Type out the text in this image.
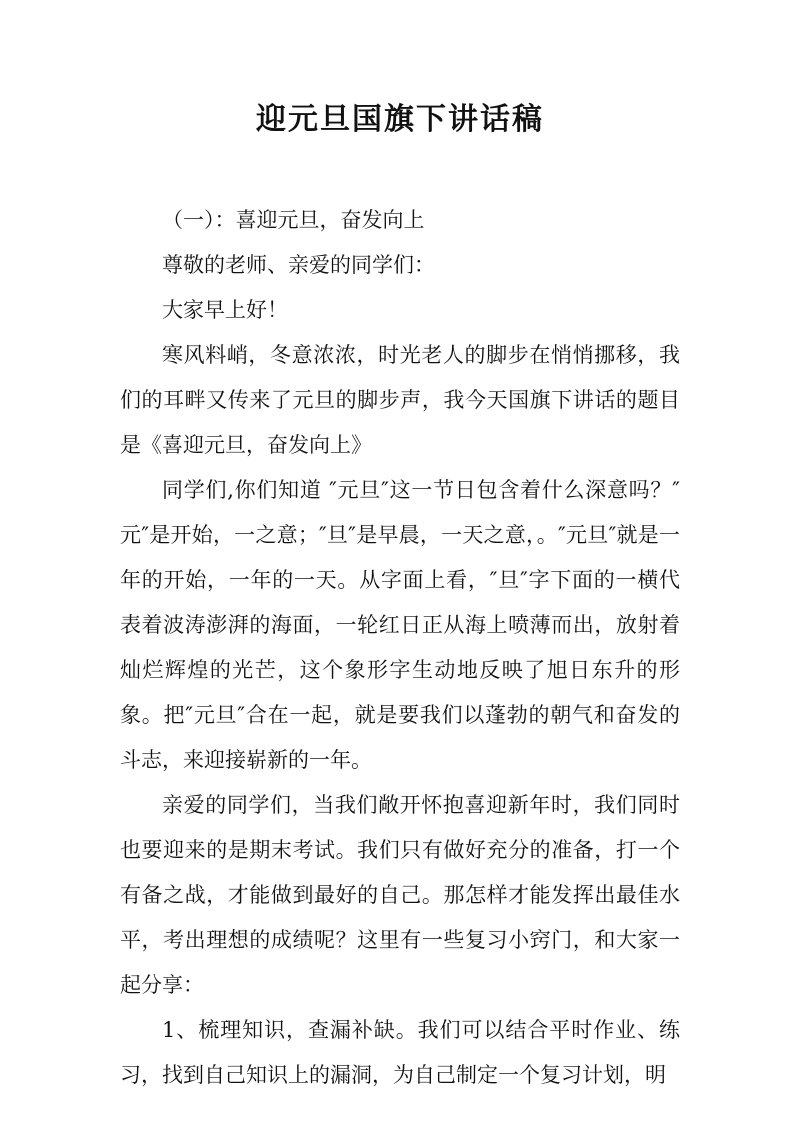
迎元旦国旗下讲话稿

（一）：喜迎元旦，奋发向上

尊敬的老师、亲爱的同学们：

大家早上好！

寒风料峭，冬意浓浓，时光老人的脚步在悄悄挪移，我们的耳畔又传来了元旦的脚步声，我今天国旗下讲话的题目是《喜迎元旦，奋发向上》

同学们,你们知道 ″元旦″这一节日包含着什么深意吗？″元″是开始，一之意；″旦″是早晨，一天之意，。″元旦″就是一年的开始，一年的一天。从字面上看，″旦″字下面的一横代表着波涛澎湃的海面，一轮红日正从海上喷薄而出，放射着灿烂辉煌的光芒，这个象形字生动地反映了旭日东升的形象。把″元旦″合在一起，就是要我们以蓬勃的朝气和奋发的斗志，来迎接崭新的一年。

亲爱的同学们，当我们敞开怀抱喜迎新年时，我们同时也要迎来的是期末考试。我们只有做好充分的准备，打一个有备之战，才能做到最好的自己。那怎样才能发挥出最佳水平，考出理想的成绩呢？这里有一些复习小窍门，和大家一起分享：

1、梳理知识，查漏补缺。我们可以结合平时作业、练习，找到自己知识上的漏洞，为自己制定一个复习计划，明
